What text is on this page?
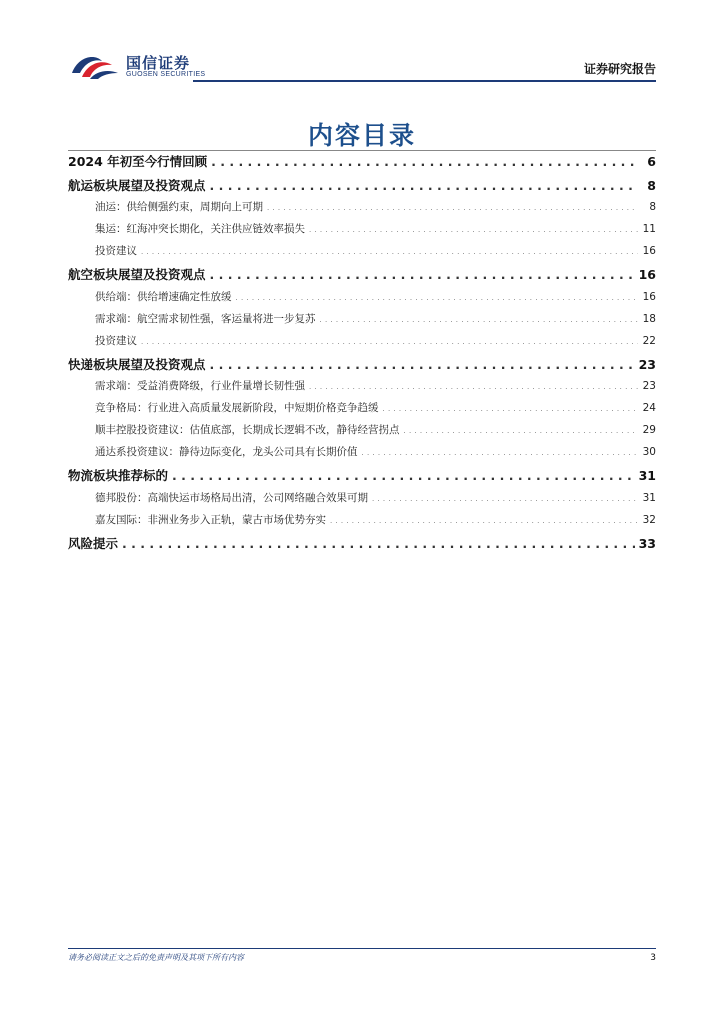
国信证券
GUOSEN SECURITIES	证券研究报告
内容目录
2024 年初至今行情回顾 . . .	6
航运板块展望及投资观点 . . .	8
油运：供给侧强约束，周期向上可期 . . .	8
集运：红海冲突长期化，关注供应链效率损失 . . .	11
投资建议 . . .	16
航空板块展望及投资观点 . . .	16
供给端：供给增速确定性放缓 . . .	16
需求端：航空需求韧性强，客运量将进一步复苏 . . .	18
投资建议 . . .	22
快递板块展望及投资观点 . . .	23
需求端：受益消费降级，行业件量增长韧性强 . . .	23
竞争格局：行业进入高质量发展新阶段，中短期价格竞争趋缓 . . .	24
顺丰控股投资建议：估值底部，长期成长逻辑不改，静待经营拐点 . . .	29
通达系投资建议：静待边际变化，龙头公司具有长期价值 . . .	30
物流板块推荐标的 . . .	31
德邦股份：高端快运市场格局出清，公司网络融合效果可期 . . .	31
嘉友国际：非洲业务步入正轨，蒙古市场优势夯实 . . .	32
风险提示 . . .	33
请务必阅读正文之后的免责声明及其项下所有内容	3
